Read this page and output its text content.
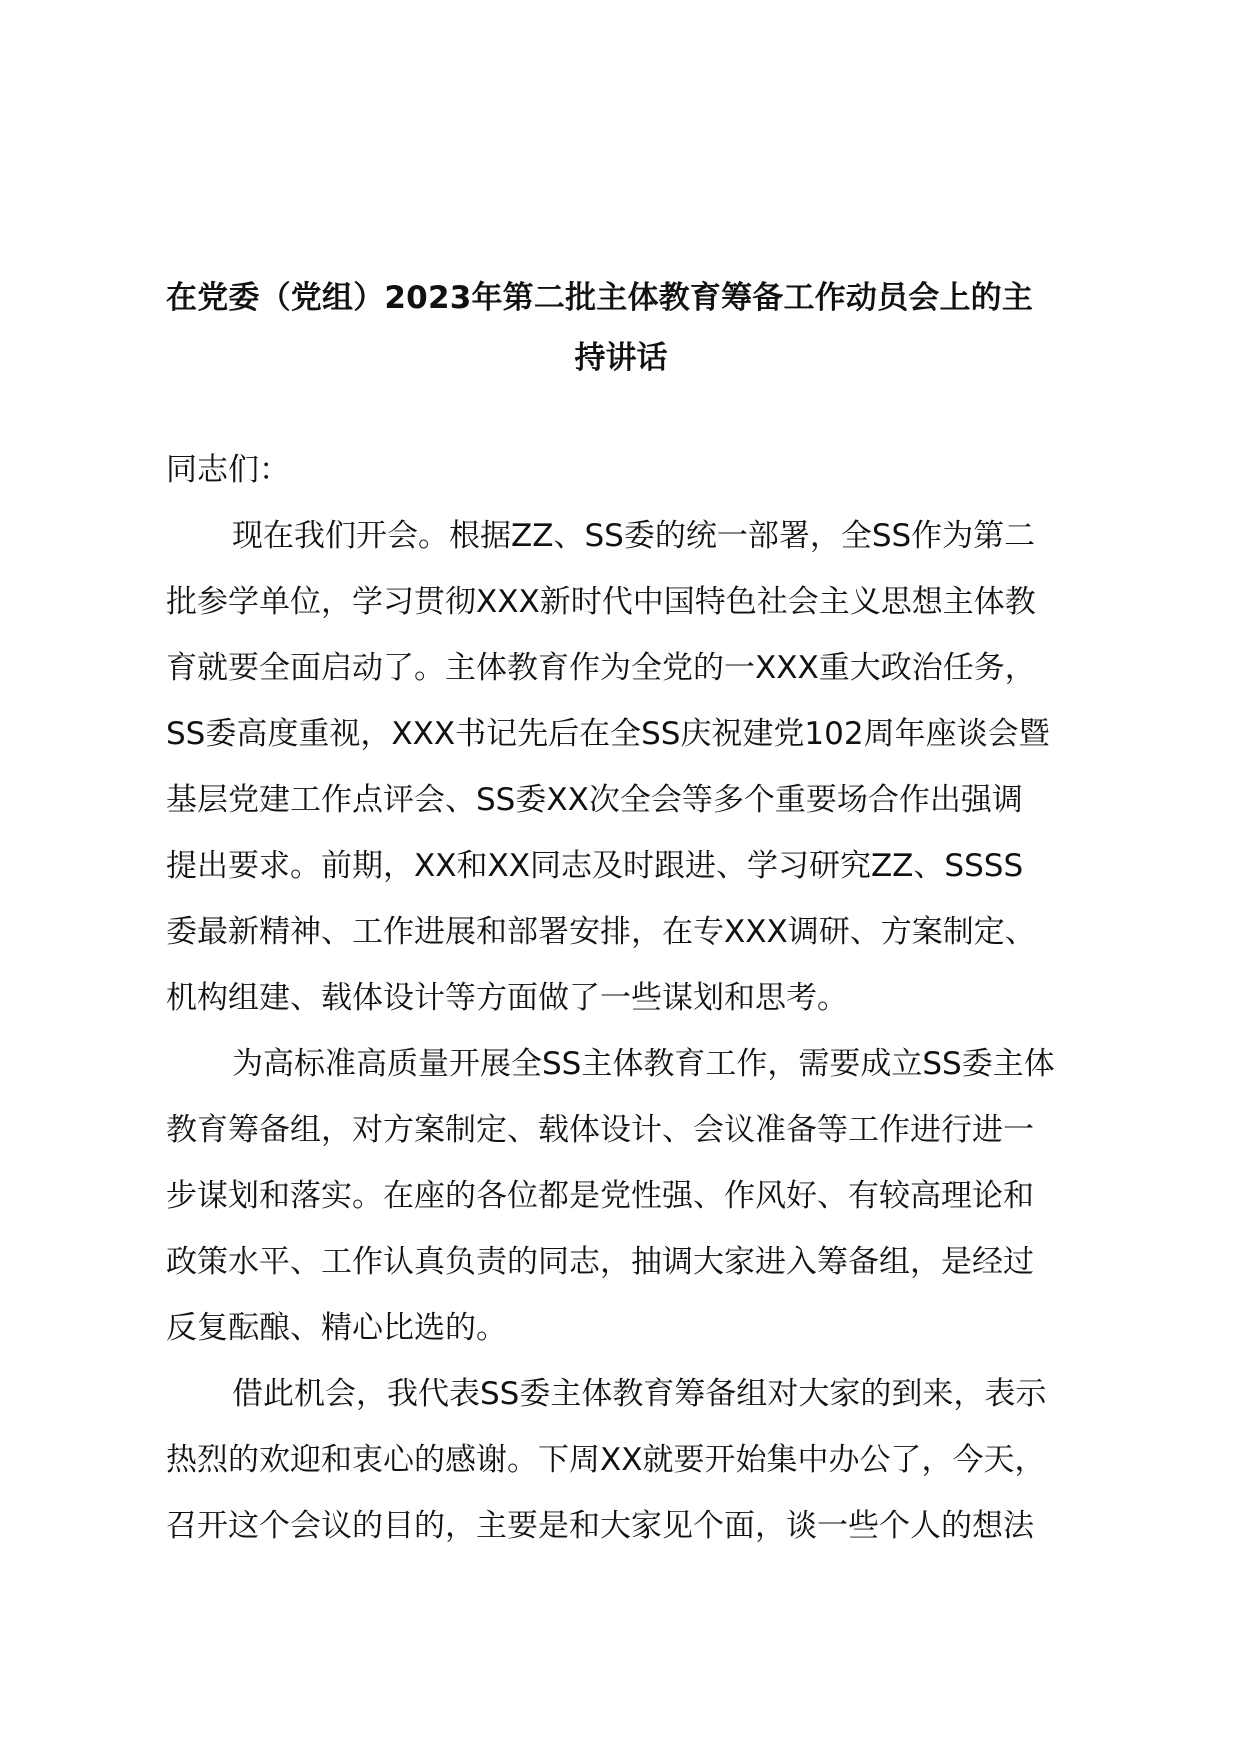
在党委（党组）2023年第二批主体教育筹备工作动员会上的主
持讲话
同志们：
现在我们开会。根据ZZ、SS委的统一部署，全SS作为第二
批参学单位，学习贯彻XXX新时代中国特色社会主义思想主体教
育就要全面启动了。主体教育作为全党的一XXX重大政治任务，
SS委高度重视，XXX书记先后在全SS庆祝建党102周年座谈会暨
基层党建工作点评会、SS委XX次全会等多个重要场合作出强调
提出要求。前期，XX和XX同志及时跟进、学习研究ZZ、SSSS
委最新精神、工作进展和部署安排，在专XXX调研、方案制定、
机构组建、载体设计等方面做了一些谋划和思考。
为高标准高质量开展全SS主体教育工作，需要成立SS委主体
教育筹备组，对方案制定、载体设计、会议准备等工作进行进一
步谋划和落实。在座的各位都是党性强、作风好、有较高理论和
政策水平、工作认真负责的同志，抽调大家进入筹备组，是经过
反复酝酿、精心比选的。
借此机会，我代表SS委主体教育筹备组对大家的到来，表示
热烈的欢迎和衷心的感谢。下周XX就要开始集中办公了，今天，
召开这个会议的目的，主要是和大家见个面，谈一些个人的想法
